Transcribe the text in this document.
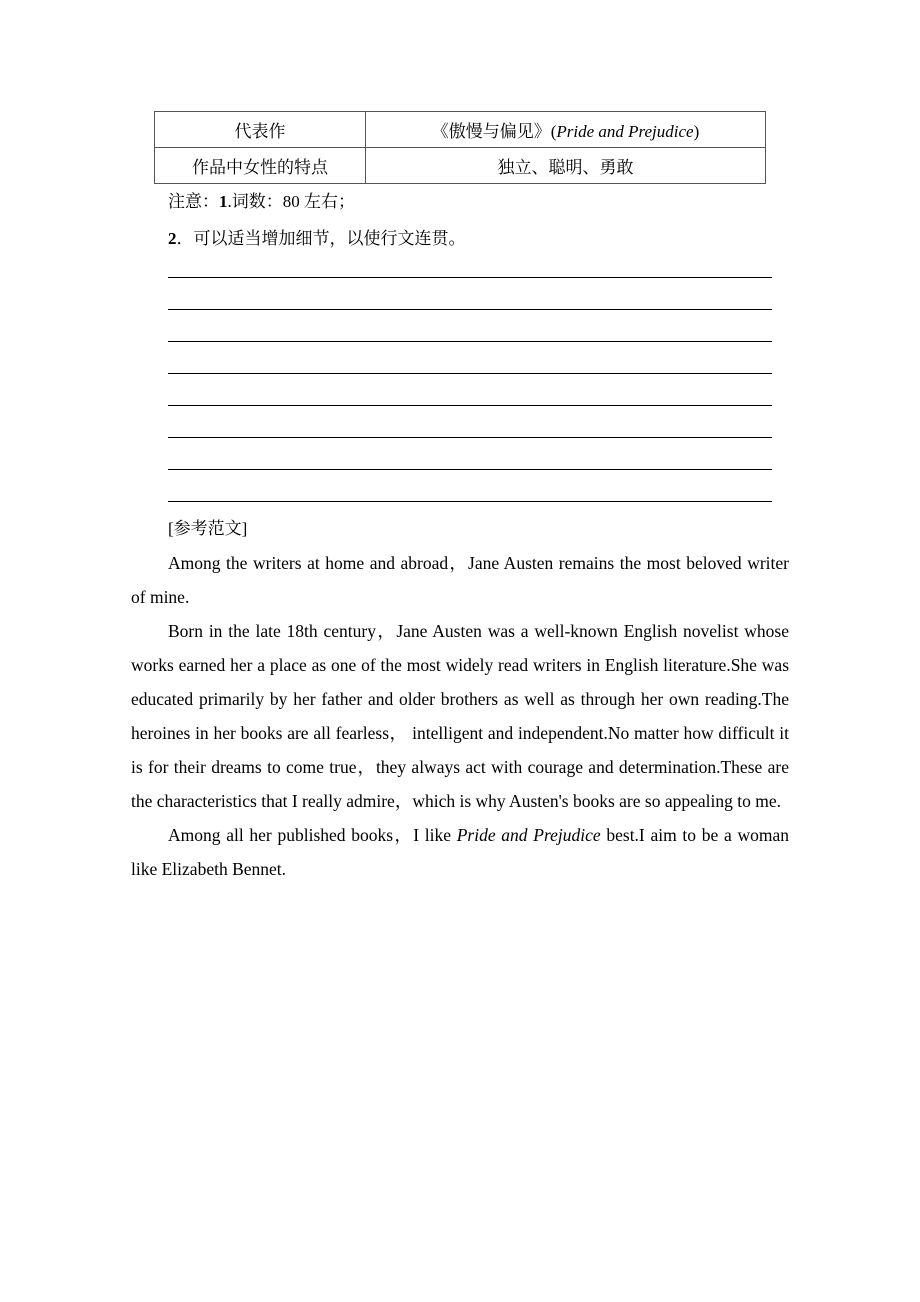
代表作	《傲慢与偏见》(Pride and Prejudice)
作品中女性的特点	独立、聪明、勇敢
注意：1.词数：80 左右；
2．可以适当增加细节，以使行文连贯。
[参考范文]

Among the writers at home and abroad，Jane Austen remains the most beloved writer of mine.

Born in the late 18th century，Jane Austen was a well‑known English novelist whose works earned her a place as one of the most widely read writers in English literature.She was educated primarily by her father and older brothers as well as through her own reading.The heroines in her books are all fearless， intelligent and independent.No matter how difficult it is for their dreams to come true，they always act with courage and determination.These are the characteristics that I really admire，which is why Austen's books are so appealing to me.

Among all her published books，I like Pride and Prejudice best.I aim to be a woman like Elizabeth Bennet.
